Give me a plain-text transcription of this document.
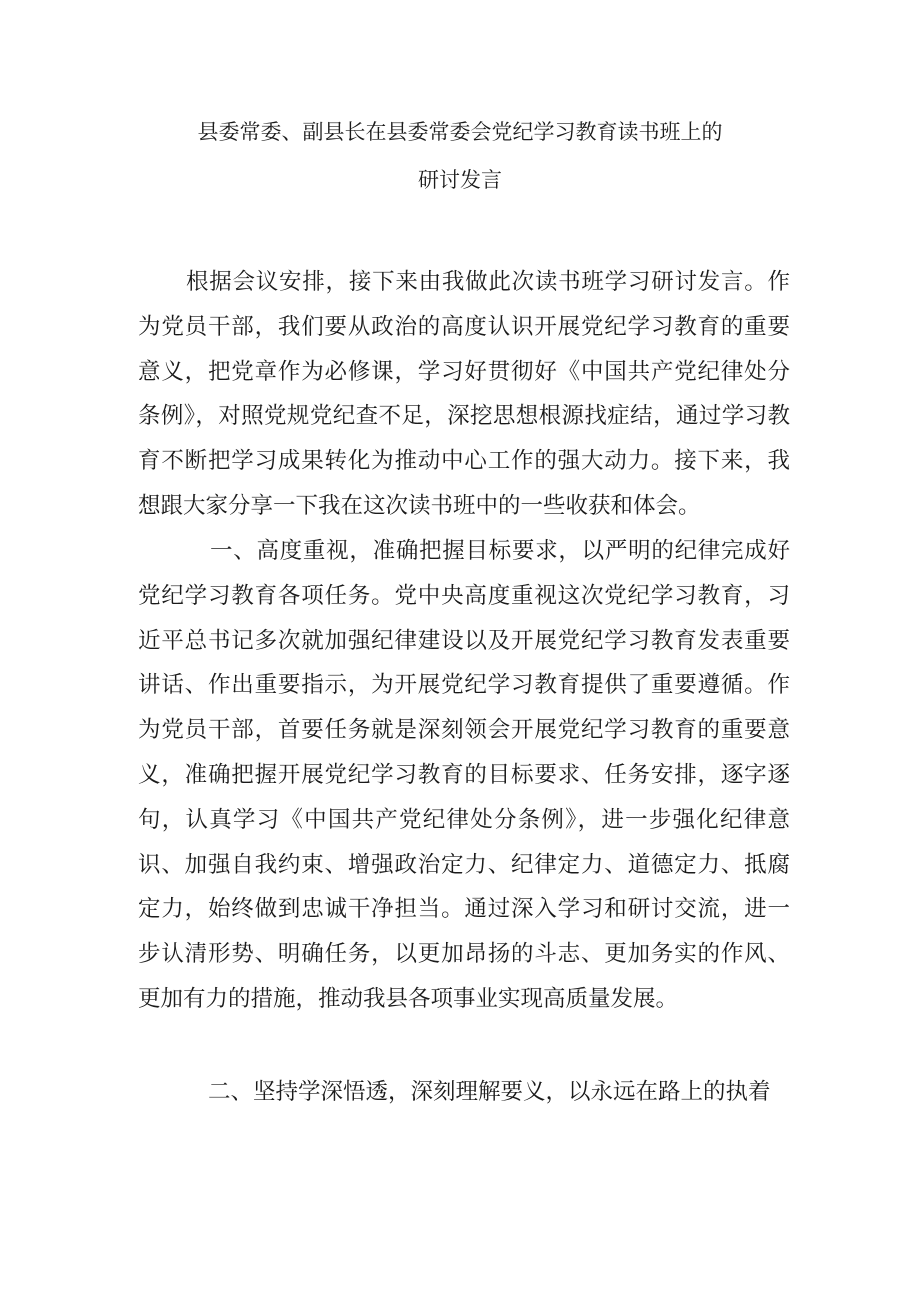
县委常委、副县长在县委常委会党纪学习教育读书班上的
研讨发言

根据会议安排，接下来由我做此次读书班学习研讨发言。作为党员干部，我们要从政治的高度认识开展党纪学习教育的重要意义，把党章作为必修课，学习好贯彻好《中国共产党纪律处分条例》，对照党规党纪查不足，深挖思想根源找症结，通过学习教育不断把学习成果转化为推动中心工作的强大动力。接下来，我想跟大家分享一下我在这次读书班中的一些收获和体会。

一、高度重视，准确把握目标要求，以严明的纪律完成好党纪学习教育各项任务。党中央高度重视这次党纪学习教育，习近平总书记多次就加强纪律建设以及开展党纪学习教育发表重要讲话、作出重要指示，为开展党纪学习教育提供了重要遵循。作为党员干部，首要任务就是深刻领会开展党纪学习教育的重要意义，准确把握开展党纪学习教育的目标要求、任务安排，逐字逐句，认真学习《中国共产党纪律处分条例》，进一步强化纪律意识、加强自我约束、增强政治定力、纪律定力、道德定力、抵腐定力，始终做到忠诚干净担当。通过深入学习和研讨交流，进一步认清形势、明确任务，以更加昂扬的斗志、更加务实的作风、更加有力的措施，推动我县各项事业实现高质量发展。

二、坚持学深悟透，深刻理解要义，以永远在路上的执着
